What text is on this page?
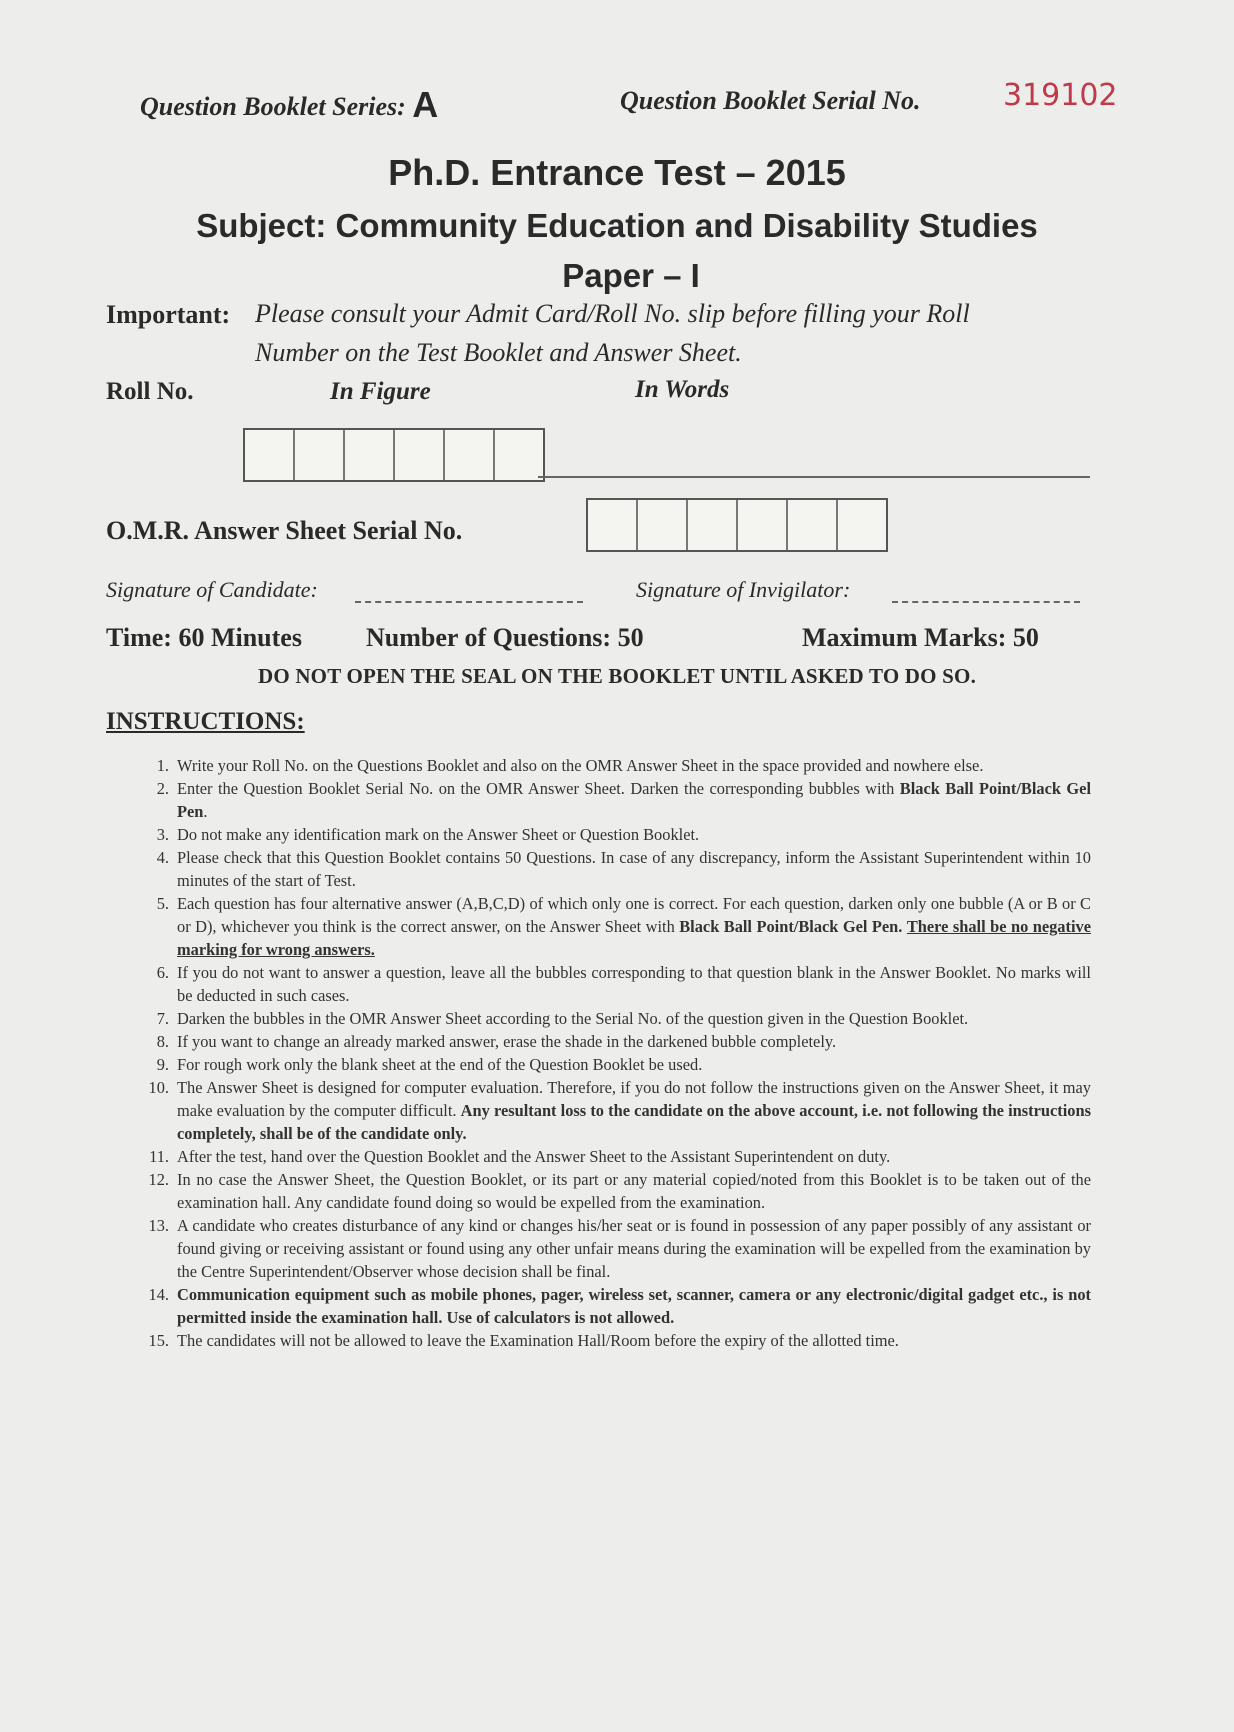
Question Booklet Series: A	Question Booklet Serial No.	319102
Ph.D. Entrance Test – 2015
Subject: Community Education and Disability Studies
Paper – I
Important: Please consult your Admit Card/Roll No. slip before filling your Roll
Number on the Test Booklet and Answer Sheet.
Roll No.	In Figure	In Words
O.M.R. Answer Sheet Serial No.
Signature of Candidate:	Signature of Invigilator:
Time: 60 Minutes Number of Questions: 50	Maximum Marks: 50
DO NOT OPEN THE SEAL ON THE BOOKLET UNTIL ASKED TO DO SO.
INSTRUCTIONS:
1. Write your Roll No. on the Questions Booklet and also on the OMR Answer Sheet in the space provided and nowhere else.
2. Enter the Question Booklet Serial No. on the OMR Answer Sheet. Darken the corresponding bubbles with Black Ball Point/Black Gel Pen.
3. Do not make any identification mark on the Answer Sheet or Question Booklet.
4. Please check that this Question Booklet contains 50 Questions. In case of any discrepancy, inform the Assistant Superintendent within 10 minutes of the start of Test.
5. Each question has four alternative answer (A,B,C,D) of which only one is correct. For each question, darken only one bubble (A or B or C or D), whichever you think is the correct answer, on the Answer Sheet with Black Ball Point/Black Gel Pen. There shall be no negative marking for wrong answers.
6. If you do not want to answer a question, leave all the bubbles corresponding to that question blank in the Answer Booklet. No marks will be deducted in such cases.
7. Darken the bubbles in the OMR Answer Sheet according to the Serial No. of the question given in the Question Booklet.
8. If you want to change an already marked answer, erase the shade in the darkened bubble completely.
9. For rough work only the blank sheet at the end of the Question Booklet be used.
10. The Answer Sheet is designed for computer evaluation. Therefore, if you do not follow the instructions given on the Answer Sheet, it may make evaluation by the computer difficult. Any resultant loss to the candidate on the above account, i.e. not following the instructions completely, shall be of the candidate only.
11. After the test, hand over the Question Booklet and the Answer Sheet to the Assistant Superintendent on duty.
12. In no case the Answer Sheet, the Question Booklet, or its part or any material copied/noted from this Booklet is to be taken out of the examination hall. Any candidate found doing so would be expelled from the examination.
13. A candidate who creates disturbance of any kind or changes his/her seat or is found in possession of any paper possibly of any assistant or found giving or receiving assistant or found using any other unfair means during the examination will be expelled from the examination by the Centre Superintendent/Observer whose decision shall be final.
14. Communication equipment such as mobile phones, pager, wireless set, scanner, camera or any electronic/digital gadget etc., is not permitted inside the examination hall. Use of calculators is not allowed.
15. The candidates will not be allowed to leave the Examination Hall/Room before the expiry of the allotted time.
